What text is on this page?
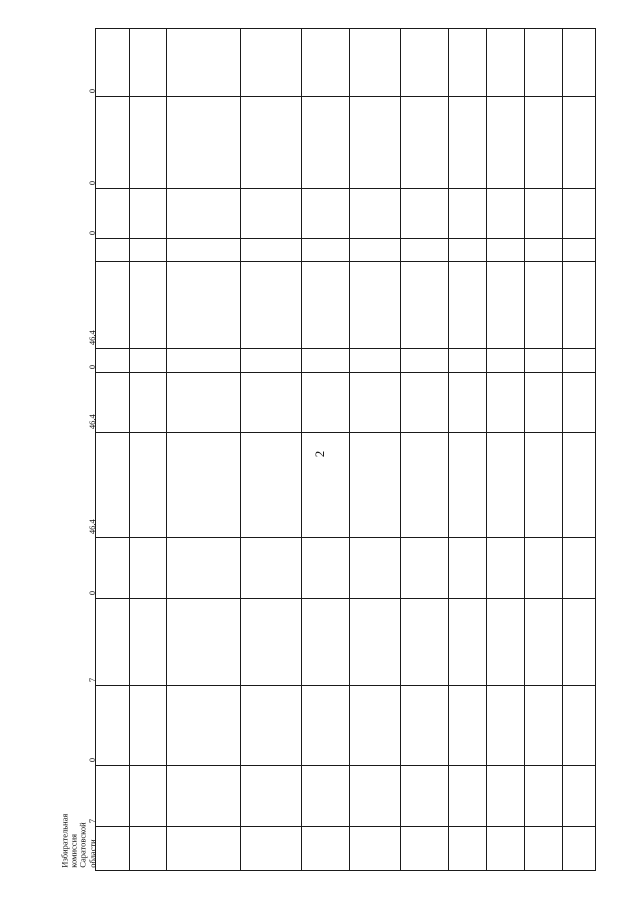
2
Избирательная
комиссия
Саратовской области
7
0
7
0
46,4
46,4
0
46,4
0
0
0
